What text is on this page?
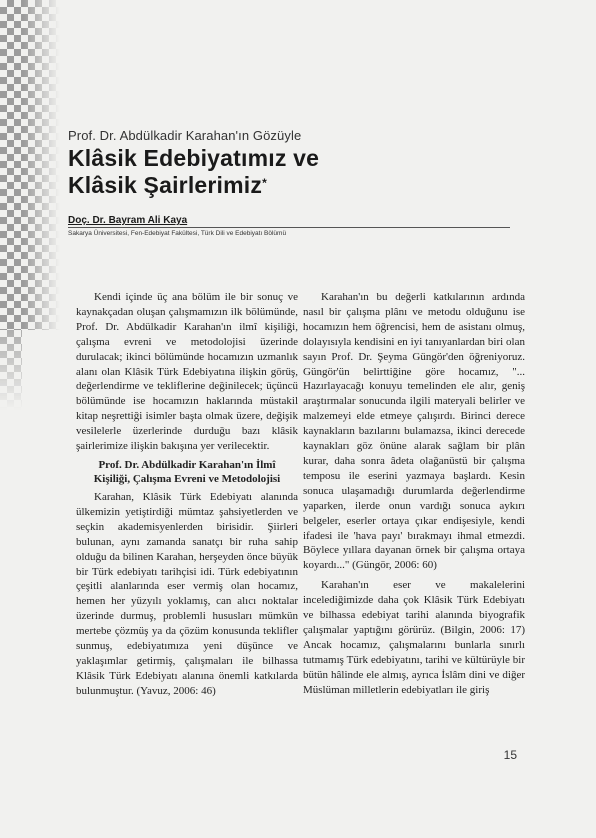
Prof. Dr. Abdülkadir Karahan'ın Gözüyle
Klâsik Edebiyatımız ve
Klâsik Şairlerimiz*
Doç. Dr. Bayram Ali Kaya
Sakarya Üniversitesi, Fen-Edebiyat Fakültesi, Türk Dili ve Edebiyatı Bölümü

Kendi içinde üç ana bölüm ile bir sonuç ve kaynakçadan oluşan çalışmamızın ilk bölümünde, Prof. Dr. Abdülkadir Karahan'ın ilmî kişiliği, çalışma evreni ve metodolojisi üzerinde durulacak; ikinci bölümünde hocamızın uzmanlık alanı olan Klâsik Türk Edebiyatına ilişkin görüş, değerlendirme ve tekliflerine değinilecek; üçüncü bölümünde ise hocamızın haklarında müstakil kitap neşrettiği isimler başta olmak üzere, değişik vesilelerle üzerlerinde durduğu bazı klâsik şairlerimize ilişkin bakışına yer verilecektir.

Prof. Dr. Abdülkadir Karahan'ın İlmî
Kişiliği, Çalışma Evreni ve Metodolojisi

Karahan, Klâsik Türk Edebiyatı alanında ülkemizin yetiştirdiği mümtaz şahsiyetlerden ve seçkin akademisyenlerden birisidir. Şiirleri bulunan, aynı zamanda sanatçı bir ruha sahip olduğu da bilinen Karahan, herşeyden önce büyük bir Türk edebiyatı tarihçisi idi. Türk edebiyatının çeşitli alanlarında eser vermiş olan hocamız, hemen her yüzyılı yoklamış, can alıcı noktalar üzerinde durmuş, problemli hususları mümkün mertebe çözmüş ya da çözüm konusunda teklifler sunmuş, edebiyatımıza yeni düşünce ve yaklaşımlar getirmiş, çalışmaları ile bilhassa Klâsik Türk Edebiyatı alanına önemli katkılarda bulunmuştur. (Yavuz, 2006: 46)

Karahan'ın bu değerli katkılarının ardında nasıl bir çalışma plânı ve metodu olduğunu ise hocamızın hem öğrencisi, hem de asistanı olmuş, dolayısıyla kendisini en iyi tanıyanlardan biri olan sayın Prof. Dr. Şeyma Güngör'den öğreniyoruz. Güngör'ün belirttiğine göre hocamız, "... Hazırlayacağı konuyu temelinden ele alır, geniş araştırmalar sonucunda ilgili materyali belirler ve malzemeyi elde etmeye çalışırdı. Birinci derece kaynakların bazılarını bulamazsa, ikinci derecede kaynakları göz önüne alarak sağlam bir plân kurar, daha sonra âdeta olağanüstü bir çalışma temposu ile eserini yazmaya başlardı. Kesin sonuca ulaşamadığı durumlarda değerlendirme yaparken, ilerde onun vardığı sonuca aykırı belgeler, eserler ortaya çıkar endişesiyle, kendi ifadesi ile 'hava payı' bırakmayı ihmal etmezdi. Böylece yıllara dayanan örnek bir çalışma ortaya koyardı..." (Güngör, 2006: 60)

Karahan'ın eser ve makalelerini incelediğimizde daha çok Klâsik Türk Edebiyatı ve bilhassa edebiyat tarihi alanında biyografik çalışmalar yaptığını görürüz. (Bilgin, 2006: 17) Ancak hocamız, çalışmalarını bunlarla sınırlı tutmamış Türk edebiyatını, tarihi ve kültürüyle bir bütün hâlinde ele almış, ayrıca İslâm dini ve diğer Müslüman milletlerin edebiyatları ile giriş

15
